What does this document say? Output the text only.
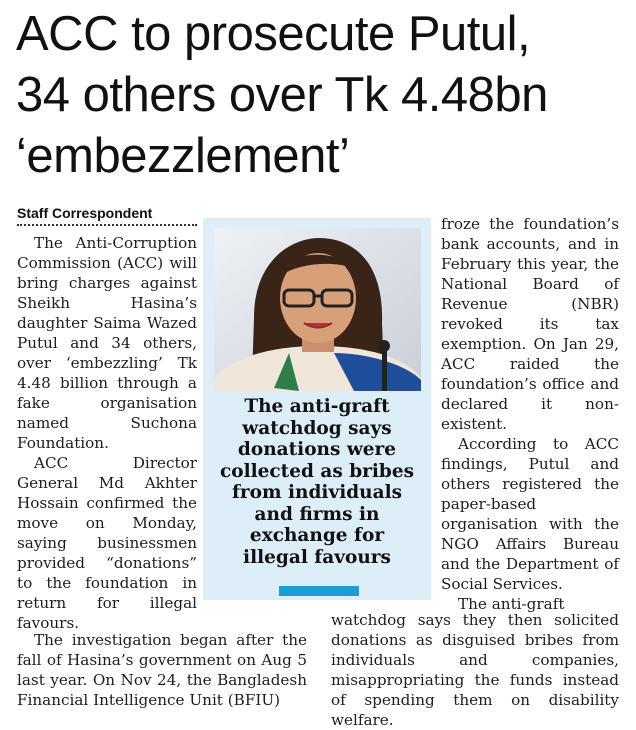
ACC to prosecute Putul,
34 others over Tk 4.48bn
‘embezzlement’
Staff Correspondent

The Anti-Corruption Commission (ACC) will bring charges against Sheikh Hasina’s daughter Saima Wazed Putul and 34 others, over ‘embezzling’ Tk 4.48 billion through a fake organisation named Suchona Foundation.

ACC Director General Md Akhter Hossain confirmed the move on Monday, saying businessmen provided “donations” to the foundation in return for illegal favours.

The anti-graft watchdog says donations were collected as bribes from individuals and firms in exchange for illegal favours

froze the foundation’s bank accounts, and in February this year, the National Board of Revenue (NBR) revoked its tax exemption. On Jan 29, ACC raided the foundation’s office and declared it non-existent.

According to ACC findings, Putul and others registered the paper-based organisation with the NGO Affairs Bureau and the Department of Social Services.

The anti-graft

The investigation began after the fall of Hasina’s government on Aug 5 last year. On Nov 24, the Bangladesh Financial Intelligence Unit (BFIU)

watchdog says they then solicited donations as disguised bribes from individuals and companies, misappropriating the funds instead of spending them on disability welfare.
